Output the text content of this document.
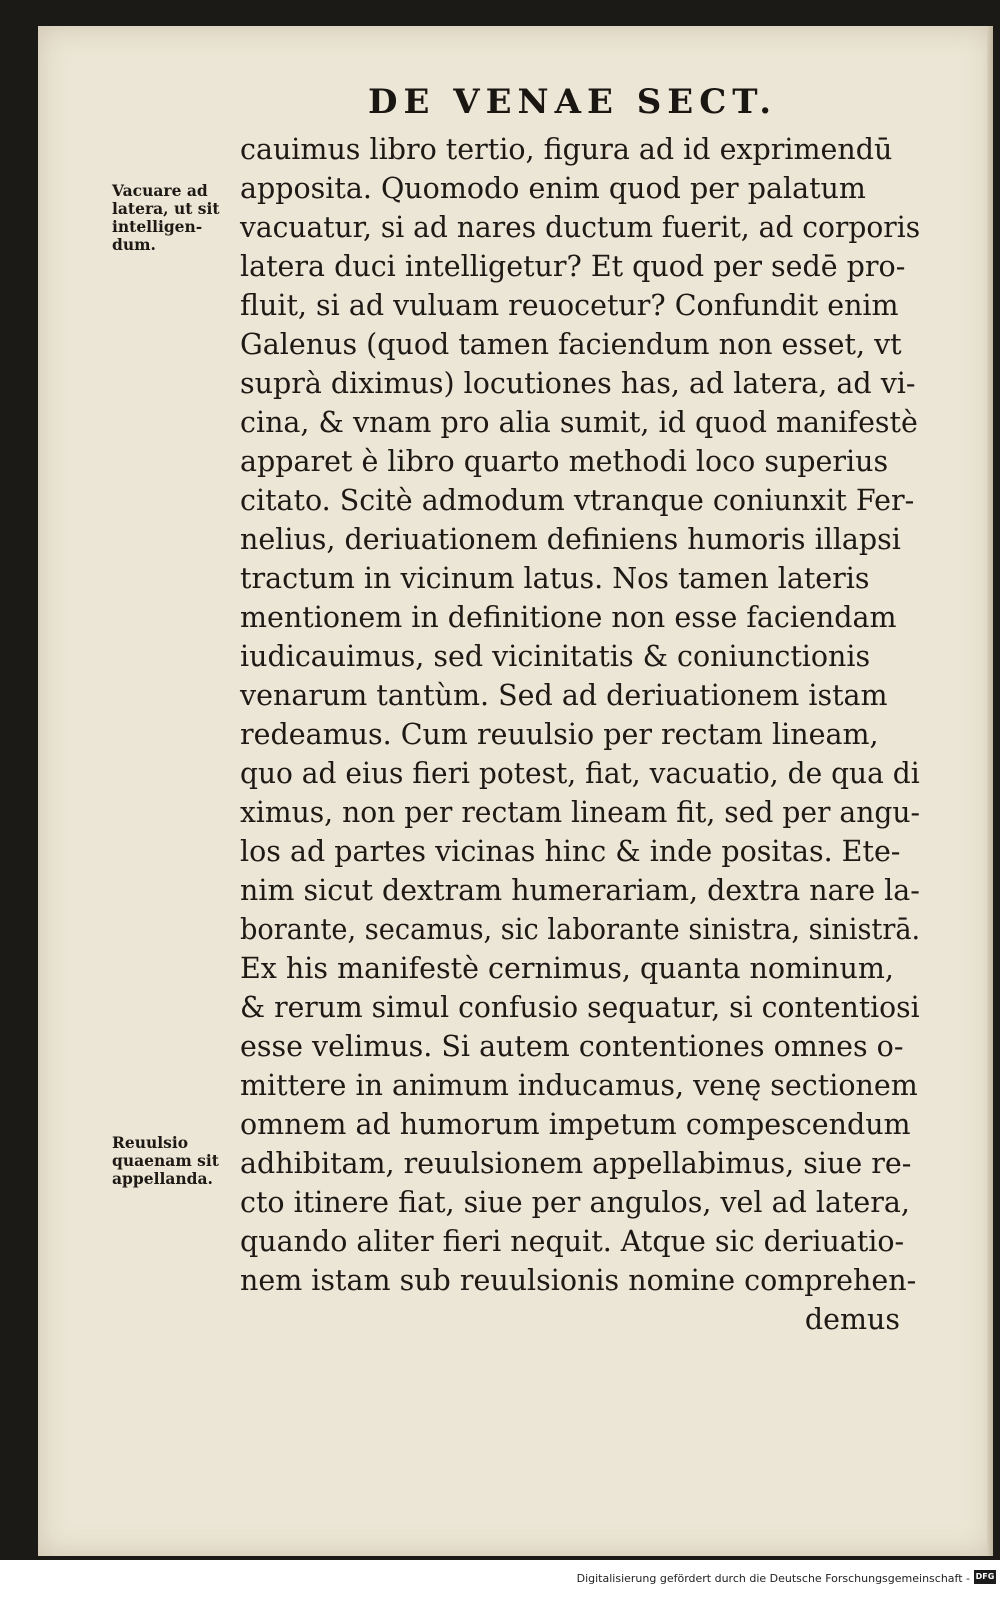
DE VENAE SECT.
Vacuare ad
latera, ut sit
intelligen-
dum.
Reuulsio
quaenam sit
appellanda.
cauimus libro tertio, figura ad id exprimendū
apposita. Quomodo enim quod per palatum
vacuatur, si ad nares ductum fuerit, ad corporis
latera duci intelligetur? Et quod per sedē pro-
fluit, si ad vuluam reuocetur? Confundit enim
Galenus (quod tamen faciendum non esset, vt
suprà diximus) locutiones has, ad latera, ad vi-
cina, & vnam pro alia sumit, id quod manifestè
apparet è libro quarto methodi loco superius
citato. Scitè admodum vtranque coniunxit Fer-
nelius, deriuationem definiens humoris illapsi
tractum in vicinum latus. Nos tamen lateris
mentionem in definitione non esse faciendam
iudicauimus, sed vicinitatis & coniunctionis
venarum tantùm. Sed ad deriuationem istam
redeamus. Cum reuulsio per rectam lineam,
quo ad eius fieri potest, fiat, vacuatio, de qua di
ximus, non per rectam lineam fit, sed per angu-
los ad partes vicinas hinc & inde positas. Ete-
nim sicut dextram humerariam, dextra nare la-
borante, secamus, sic laborante sinistra, sinistrā.
Ex his manifestè cernimus, quanta nominum,
& rerum simul confusio sequatur, si contentiosi
esse velimus. Si autem contentiones omnes o-
mittere in animum inducamus, venę sectionem
omnem ad humorum impetum compescendum
adhibitam, reuulsionem appellabimus, siue re-
cto itinere fiat, siue per angulos, vel ad latera,
quando aliter fieri nequit. Atque sic deriuatio-
nem istam sub reuulsionis nomine comprehen-
demus
Digitalisierung gefördert durch die Deutsche Forschungsgemeinschaft - DFG
